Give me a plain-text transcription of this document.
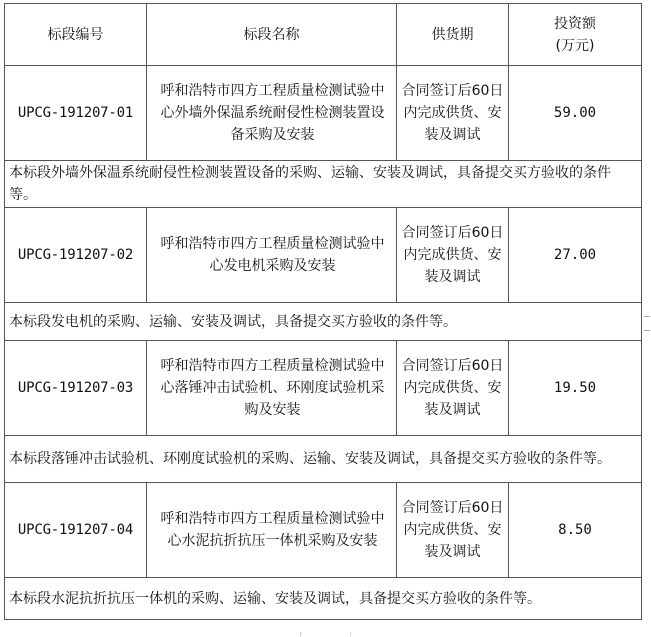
标段编号	标段名称	供货期	投资额
(万元)

UPCG-191207-01	呼和浩特市四方工程质量检测试验中心外墙外保温系统耐侵性检测装置设备采购及安装	合同签订后60日内完成供货、安装及调试	59.00
本标段外墙外保温系统耐侵性检测装置设备的采购、运输、安装及调试，具备提交买方验收的条件等。			
UPCG-191207-02	呼和浩特市四方工程质量检测试验中心发电机采购及安装	合同签订后60日内完成供货、安装及调试	27.00
本标段发电机的采购、运输、安装及调试，具备提交买方验收的条件等。			
UPCG-191207-03	呼和浩特市四方工程质量检测试验中心落锤冲击试验机、环刚度试验机采购及安装	合同签订后60日内完成供货、安装及调试	19.50
本标段落锤冲击试验机、环刚度试验机的采购、运输、安装及调试，具备提交买方验收的条件等。			
UPCG-191207-04	呼和浩特市四方工程质量检测试验中心水泥抗折抗压一体机采购及安装	合同签订后60日内完成供货、安装及调试	8.50
本标段水泥抗折抗压一体机的采购、运输、安装及调试，具备提交买方验收的条件等。			
